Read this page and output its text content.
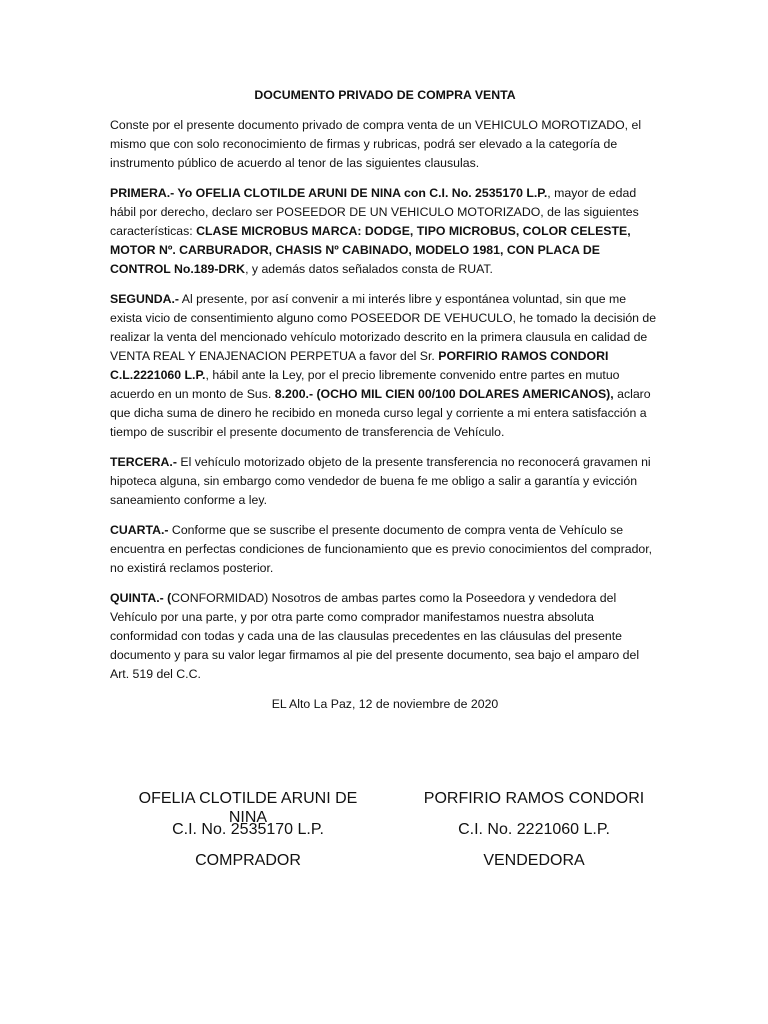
DOCUMENTO PRIVADO DE COMPRA VENTA

Conste por el presente documento privado de compra venta de un VEHICULO MOROTIZADO, el mismo que con solo reconocimiento de firmas y rubricas, podrá ser elevado a la categoría de instrumento público de acuerdo al tenor de las siguientes clausulas.

PRIMERA.- Yo OFELIA CLOTILDE ARUNI DE NINA con C.I. No. 2535170 L.P., mayor de edad hábil por derecho, declaro ser POSEEDOR DE UN VEHICULO MOTORIZADO, de las siguientes características: CLASE MICROBUS MARCA: DODGE, TIPO MICROBUS, COLOR CELESTE, MOTOR Nº. CARBURADOR, CHASIS Nº CABINADO, MODELO 1981, CON PLACA DE CONTROL No.189-DRK, y además datos señalados consta de RUAT.

SEGUNDA.- Al presente, por así convenir a mi interés libre y espontánea voluntad, sin que me exista vicio de consentimiento alguno como POSEEDOR DE VEHUCULO, he tomado la decisión de realizar la venta del mencionado vehículo motorizado descrito en la primera clausula en calidad de VENTA REAL Y ENAJENACION PERPETUA a favor del Sr. PORFIRIO RAMOS CONDORI C.L.2221060 L.P., hábil ante la Ley, por el precio libremente convenido entre partes en mutuo acuerdo en un monto de Sus. 8.200.- (OCHO MIL CIEN 00/100 DOLARES AMERICANOS), aclaro que dicha suma de dinero he recibido en moneda curso legal y corriente a mi entera satisfacción a tiempo de suscribir el presente documento de transferencia de Vehículo.

TERCERA.- El vehículo motorizado objeto de la presente transferencia no reconocerá gravamen ni hipoteca alguna, sin embargo como vendedor de buena fe me obligo a salir a garantía y evicción saneamiento conforme a ley.

CUARTA.- Conforme que se suscribe el presente documento de compra venta de Vehículo se encuentra en perfectas condiciones de funcionamiento que es previo conocimientos del comprador, no existirá reclamos posterior.

QUINTA.- (CONFORMIDAD) Nosotros de ambas partes como la Poseedora y vendedora del Vehículo por una parte, y por otra parte como comprador manifestamos nuestra absoluta conformidad con todas y cada una de las clausulas precedentes en las cláusulas del presente documento y para su valor legar firmamos al pie del presente documento, sea bajo el amparo del Art. 519 del C.C.

EL Alto La Paz, 12 de noviembre de 2020
OFELIA CLOTILDE ARUNI DE NINA
C.I. No. 2535170 L.P.
COMPRADOR
PORFIRIO RAMOS CONDORI
C.I. No. 2221060 L.P.
VENDEDORA
